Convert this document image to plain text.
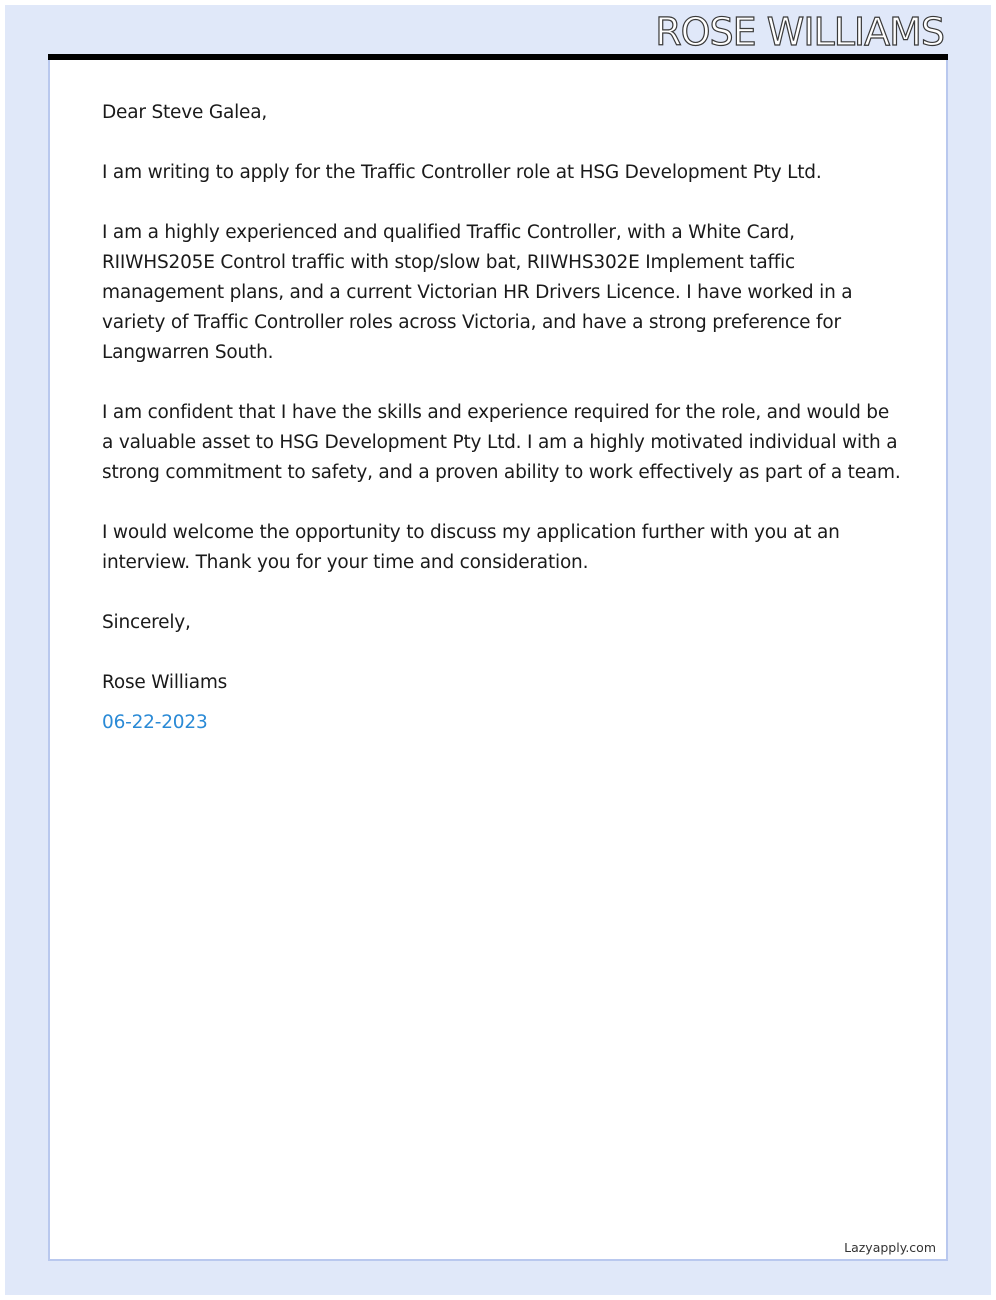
ROSE WILLIAMS

Dear Steve Galea,

I am writing to apply for the Traffic Controller role at HSG Development Pty Ltd.

I am a highly experienced and qualified Traffic Controller, with a White Card, RIIWHS205E Control traffic with stop/slow bat, RIIWHS302E Implement taffic management plans, and a current Victorian HR Drivers Licence. I have worked in a variety of Traffic Controller roles across Victoria, and have a strong preference for Langwarren South.

I am confident that I have the skills and experience required for the role, and would be a valuable asset to HSG Development Pty Ltd. I am a highly motivated individual with a strong commitment to safety, and a proven ability to work effectively as part of a team.

I would welcome the opportunity to discuss my application further with you at an interview. Thank you for your time and consideration.

Sincerely,

Rose Williams

06-22-2023

Lazyapply.com
